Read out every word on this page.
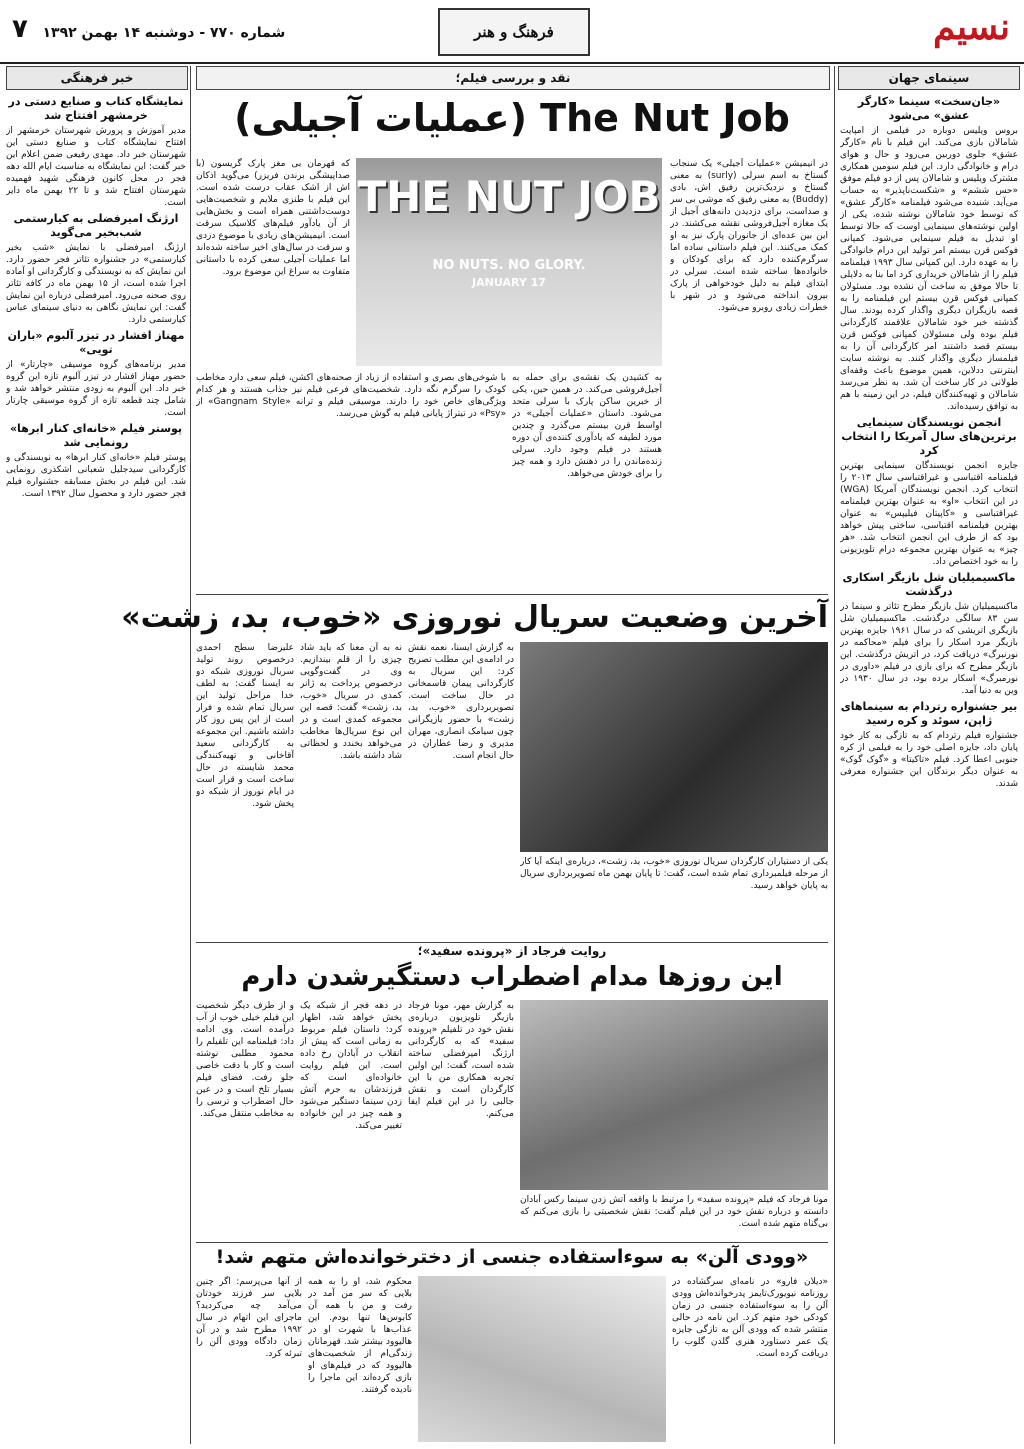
نسیم
فرهنگ و هنر
شماره ۷۷۰ - دوشنبه ۱۴ بهمن ۱۳۹۲   ۷
سینمای جهان
«جان‌سخت» سینما «کارگر عشق» می‌شود
بروس ویلیس دوباره در فیلمی از امپایت شامالان بازی می‌کند. این فیلم با نام «کارگر عشق» جلوی دوربین می‌رود و حال و هوای درام و خانوادگی دارد. این فیلم سومین همکاری مشترک ویلیس و شامالان پس از دو فیلم موفق «حس ششم» و «شکست‌ناپذیر» به حساب می‌آید. شنیده می‌شود فیلمنامه «کارگر عشق» که توسط خود شامالان نوشته شده، یکی از اولین نوشته‌های سینمایی اوست که حالا توسط او تبدیل به فیلم سینمایی می‌شود. کمپانی فوکس قرن بیستم امر تولید این درام خانوادگی را به عهده دارد. این کمپانی سال ۱۹۹۳ فیلمنامه فیلم را از شامالان خریداری کرد اما بنا به دلایلی تا حالا موفق به ساخت آن نشده بود. مسئولان کمپانی فوکس قرن بیستم این فیلمنامه را به قصه بازیگران دیگری واگذار کرده بودند. سال گذشته خبر خود شامالان علاقمند کارگردانی فیلم بوده ولی مسئولان کمپانی فوکس قرن بیستم قصد داشتند امر کارگردانی آن را به فیلمساز دیگری واگذار کنند. به نوشته سایت اینترنتی ددلاین، همین موضوع باعث وقفه‌ای طولانی در کار ساخت آن شد. به نظر می‌رسد شامالان و تهیه‌کنندگان فیلم، در این زمینه با هم به توافق رسیده‌اند.
انجمن نویسندگان سینمایی برترین‌های سال آمریکا را انتخاب کرد
جایزه انجمن نویسندگان سینمایی بهترین فیلمنامه اقتباسی و غیراقتباسی سال ۲۰۱۳ را انتخاب کرد. انجمن نویسندگان آمریکا (WGA) در این انتخاب «او» به عنوان بهترین فیلمنامه غیراقتباسی و «کاپیتان فیلیپس» به عنوان بهترین فیلمنامه اقتباسی، ساختی پیش خواهد بود که از طرف این انجمن انتخاب شد. «هر چیز» به عنوان بهترین مجموعه درام تلویزیونی را به خود اختصاص داد.
ماکسیمیلیان شل بازیگر اسکاری درگذشت
ماکسیمیلیان شل بازیگر مطرح تئاتر و سینما در سن ۸۳ سالگی درگذشت. ماکسیمیلیان شل بازیگری اتریشی که در سال ۱۹۶۱ جایزه بهترین بازیگر مرد اسکار را برای فیلم «محاکمه در نورنبرگ» دریافت کرد، در اتریش درگذشت. این بازیگر مطرح که برای بازی در فیلم «داوری در نورمبرگ» اسکار برده بود، در سال ۱۹۳۰ در وین به دنیا آمد.
بیر جشنواره رتردام به سینماهای ژاپن، سوئد و کره رسید
جشنواره فیلم رتردام که به تازگی به کار خود پایان داد، جایزه اصلی خود را به فیلمی از کره جنوبی اعطا کرد. فیلم «تاکیتا» و «گوک گوک» به عنوان دیگر برندگان این جشنواره معرفی شدند.
خبر فرهنگی
نمایشگاه کتاب و صنایع دستی در خرمشهر افتتاح شد
مدیر آموزش و پرورش شهرستان خرمشهر از افتتاح نمایشگاه کتاب و صنایع دستی این شهرستان خبر داد. مهدی رفیعی ضمن اعلام این خبر گفت: این نمایشگاه به مناسبت ایام الله دهه فجر در محل کانون فرهنگی شهید فهمیده شهرستان افتتاح شد و تا ۲۲ بهمن ماه دایر است.
ارژنگ امیرفضلی به کیارستمی شب‌بخیر می‌گوید
ارژنگ امیرفضلی با نمایش «شب بخیر کیارستمی» در جشنواره تئاتر فجر حضور دارد. این نمایش که به نویسندگی و کارگردانی او آماده اجرا شده است، از ۱۵ بهمن ماه در کافه تئاتر روی صحنه می‌رود. امیرفضلی درباره این نمایش گفت: این نمایش نگاهی به دنیای سینمای عباس کیارستمی دارد.
مهناز افشار در تیزر آلبوم «باران تویی»
مدیر برنامه‌های گروه موسیقی «چارتار» از حضور مهناز افشار در تیزر آلبوم تازه این گروه خبر داد. این آلبوم به زودی منتشر خواهد شد و شامل چند قطعه تازه از گروه موسیقی چارتار است.
پوستر فیلم «خانه‌ای کنار ابرها» رونمایی شد
پوستر فیلم «خانه‌ای کنار ابرها» به نویسندگی و کارگردانی سیدجلیل شعبانی اشکذری رونمایی شد. این فیلم در بخش مسابقه جشنواره فیلم فجر حضور دارد و محصول سال ۱۳۹۲ است.
نقد و بررسی فیلم؛
(عملیات آجیلی) The Nut Job
THE NUT JOB
NO NUTS. NO GLORY.
JANUARY 17
در انیمیشن «عملیات آجیلی» یک سنجاب گستاخ به اسم سرلی (surly) به معنی گستاخ و نزدیک‌ترین رفیق اش، بادی (Buddy) به معنی رفیق که موشی بی سر و صداست، برای دزدیدن دانه‌های آجیل از یک مغازه آجیل‌فروشی نقشه می‌کشند. در این بین عده‌ای از جانوران پارک نیز به او کمک می‌کنند. این فیلم داستانی ساده اما سرگرم‌کننده دارد که برای کودکان و خانواده‌ها ساخته شده است. سرلی در ابتدای فیلم به دلیل خودخواهی از پارک بیرون انداخته می‌شود و در شهر با خطرات زیادی روبرو می‌شود.
که قهرمان بی مغز پارک گریسون (با صداپیشگی برندن فریزر) می‌گوید اذکان اش از اشک عقاب درست شده است. این فیلم با طنزی ملایم و شخصیت‌هایی دوست‌داشتنی همراه است و بخش‌هایی از آن یادآور فیلم‌های کلاسیک سرقت است. انیمیشن‌های زیادی با موضوع دزدی و سرقت در سال‌های اخیر ساخته شده‌اند اما عملیات آجیلی سعی کرده با داستانی متفاوت به سراغ این موضوع برود.
با شوخی‌های بصری و استفاده از زیاد از صحنه‌های اکشن، فیلم سعی دارد مخاطب کودک را سرگرم نگه دارد. شخصیت‌های فرعی فیلم نیز جذاب هستند و هر کدام ویژگی‌های خاص خود را دارند. موسیقی فیلم و ترانه «Gangnam Style» از «Psy» در تیتراژ پایانی فیلم به گوش می‌رسد.
به کشیدن یک نقشه‌ی برای حمله به آجیل‌فروشی می‌کند. در همین حین، یکی از خبرین ساکن پارک با سرلی متحد می‌شود. داستان «عملیات آجیلی» در اواسط قرن بیستم می‌گذرد و چندین مورد لطیفه که یادآوری کننده‌ی آن دوره هستند در فیلم وجود دارد. سرلی زنده‌ماندن را در ذهنش دارد و همه چیز را برای خودش می‌خواهد.
آخرین وضعیت سریال نوروزی «خوب، بد، زشت»
یکی از دستیاران کارگردان سریال نوروزی «خوب، بد، زشت»، درباره‌ی اینکه آیا کار از مرحله فیلمبرداری تمام شده است، گفت: تا پایان بهمن ماه تصویربرداری سریال به پایان خواهد رسید.
به گزارش ایسنا، نعمه نقش در ادامه‌ی این مطلب تصریح کرد: این سریال به کارگردانی پیمان قاسمخانی در حال ساخت است. تصویربرداری «خوب، بد، زشت» با حضور بازیگرانی چون سیامک انصاری، مهران مدیری و رضا عطاران در حال انجام است.
نه به آن معنا که باید شاد چیزی را از قلم بیندازیم. وی در گفت‌وگویی درخصوص پرداخت به ژانر کمدی در سریال «خوب، بد، زشت» گفت: قصه این مجموعه کمدی است و در این نوع سریال‌ها مخاطب می‌خواهد بخندد و لحظاتی شاد داشته باشد.
علیرضا سطح احمدی درخصوص روند تولید سریال نوروزی شبکه دو به ایسنا گفت: به لطف خدا مراحل تولید این سریال تمام شده و فرار است از این پس روز کار داشته باشیم. این مجموعه به کارگردانی سعید آقاخانی و تهیه‌کنندگی محمد شایسته در حال ساخت است و قرار است در ایام نوروز از شبکه دو پخش شود.
روایت فرجاد از «پرونده سفید»؛
این روزها مدام اضطراب دستگیرشدن دارم
مونا فرجاد که فیلم «پرونده سفید» را مرتبط با واقعه آتش زدن سینما رکس آبادان دانسته و درباره نقش خود در این فیلم گفت: نقش شخصیتی را بازی می‌کنم که بی‌گناه متهم شده است.
به گزارش مهر، مونا فرجاد بازیگر تلویزیون درباره‌ی نقش خود در تلفیلم «پرونده سفید» که به کارگردانی ارژنگ امیرفضلی ساخته شده است، گفت: این اولین تجربه همکاری من با این کارگردان است و نقش جالبی را در این فیلم ایفا می‌کنم.
در دهه فجر از شبکه یک پخش خواهد شد، اظهار کرد: داستان فیلم مربوط به زمانی است که پیش از انقلاب در آبادان رخ داده است. این فیلم روایت خانواده‌ای است که فرزندشان به جرم آتش زدن سینما دستگیر می‌شود و همه چیز در این خانواده تغییر می‌کند.
و از طرف دیگر شخصیت این فیلم خیلی خوب از آب درآمده است. وی ادامه داد: فیلمنامه این تلفیلم را محمود مطلبی نوشته است و کار با دقت خاصی جلو رفت. فضای فیلم بسیار تلخ است و در عین حال اضطراب و ترسی را به مخاطب منتقل می‌کند.
«وودی آلن» به سوءاستفاده جنسی از دخترخوانده‌اش متهم شد!
«دیلان فارو» در نامه‌ای سرگشاده در روزنامه نیویورک‌تایمز پدرخوانده‌اش وودی آلن را به سوءاستفاده جنسی در زمان کودکی خود متهم کرد. این نامه در حالی منتشر شده که وودی آلن به تازگی جایزه یک عمر دستاورد هنری گلدن گلوب را دریافت کرده است.
محکوم شد، او را به همه بلایی که سر من آمد در رفت و من با همه آن کابوس‌ها تنها بودم. این عذاب‌ها با شهرت او در هالیوود بیشتر شد. قهرمانان زندگی‌ام از شخصیت‌های هالیوود که در فیلم‌های او بازی کرده‌اند این ماجرا را نادیده گرفتند.
از آنها می‌پرسم: اگر چنین بلایی سر فرزند خودتان می‌آمد چه می‌کردید؟ ماجرای این اتهام در سال ۱۹۹۲ مطرح شد و در آن زمان دادگاه وودی آلن را تبرئه کرد.
